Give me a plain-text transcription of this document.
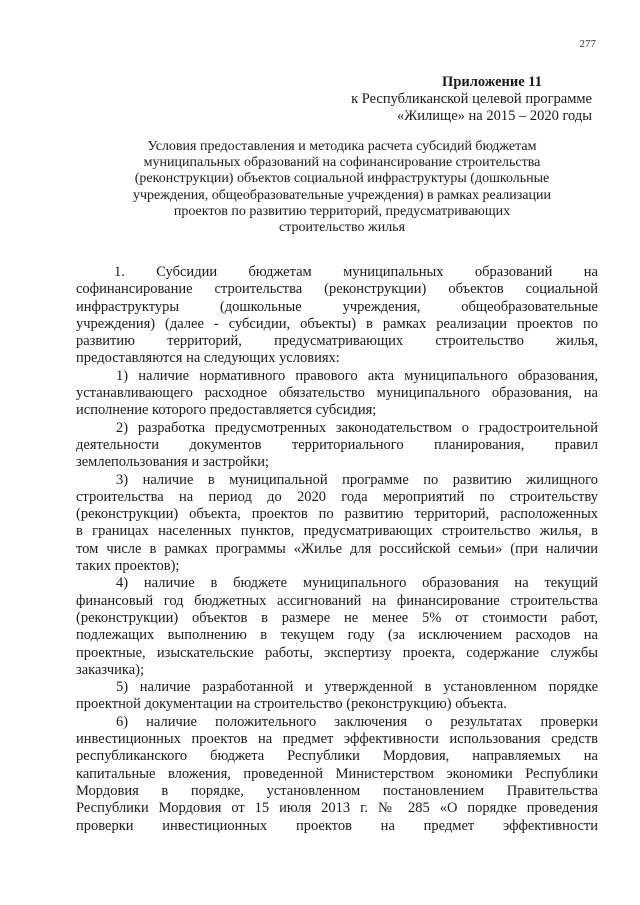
277
Приложение 11
к Республиканской целевой программе
«Жилище» на 2015 – 2020 годы
Условия предоставления и методика расчета субсидий бюджетам
муниципальных образований на софинансирование строительства
(реконструкции) объектов социальной инфраструктуры (дошкольные
учреждения, общеобразовательные учреждения) в рамках реализации
проектов по развитию территорий, предусматривающих
строительство жилья
1. Субсидии бюджетам муниципальных образований на
софинансирование строительства (реконструкции) объектов социальной
инфраструктуры (дошкольные учреждения, общеобразовательные
учреждения) (далее - субсидии, объекты) в рамках реализации проектов по
развитию территорий, предусматривающих строительство жилья,
предоставляются на следующих условиях:
1) наличие нормативного правового акта муниципального образования,
устанавливающего расходное обязательство муниципального образования, на
исполнение которого предоставляется субсидия;
2) разработка предусмотренных законодательством о градостроительной
деятельности документов территориального планирования, правил
землепользования и застройки;
3) наличие в муниципальной программе по развитию жилищного
строительства на период до 2020 года мероприятий по строительству
(реконструкции) объекта, проектов по развитию территорий, расположенных
в границах населенных пунктов, предусматривающих строительство жилья, в
том числе в рамках программы «Жилье для российской семьи» (при наличии
таких проектов);
4) наличие в бюджете муниципального образования на текущий
финансовый год бюджетных ассигнований на финансирование строительства
(реконструкции) объектов в размере не менее 5% от стоимости работ,
подлежащих выполнению в текущем году (за исключением расходов на
проектные, изыскательские работы, экспертизу проекта, содержание службы
заказчика);
5) наличие разработанной и утвержденной в установленном порядке
проектной документации на строительство (реконструкцию) объекта.
6) наличие положительного заключения о результатах проверки
инвестиционных проектов на предмет эффективности использования средств
республиканского бюджета Республики Мордовия, направляемых на
капитальные вложения, проведенной Министерством экономики Республики
Мордовия в порядке, установленном постановлением Правительства
Республики Мордовия от 15 июля 2013 г. № 285 «О порядке проведения
проверки инвестиционных проектов на предмет эффективности
